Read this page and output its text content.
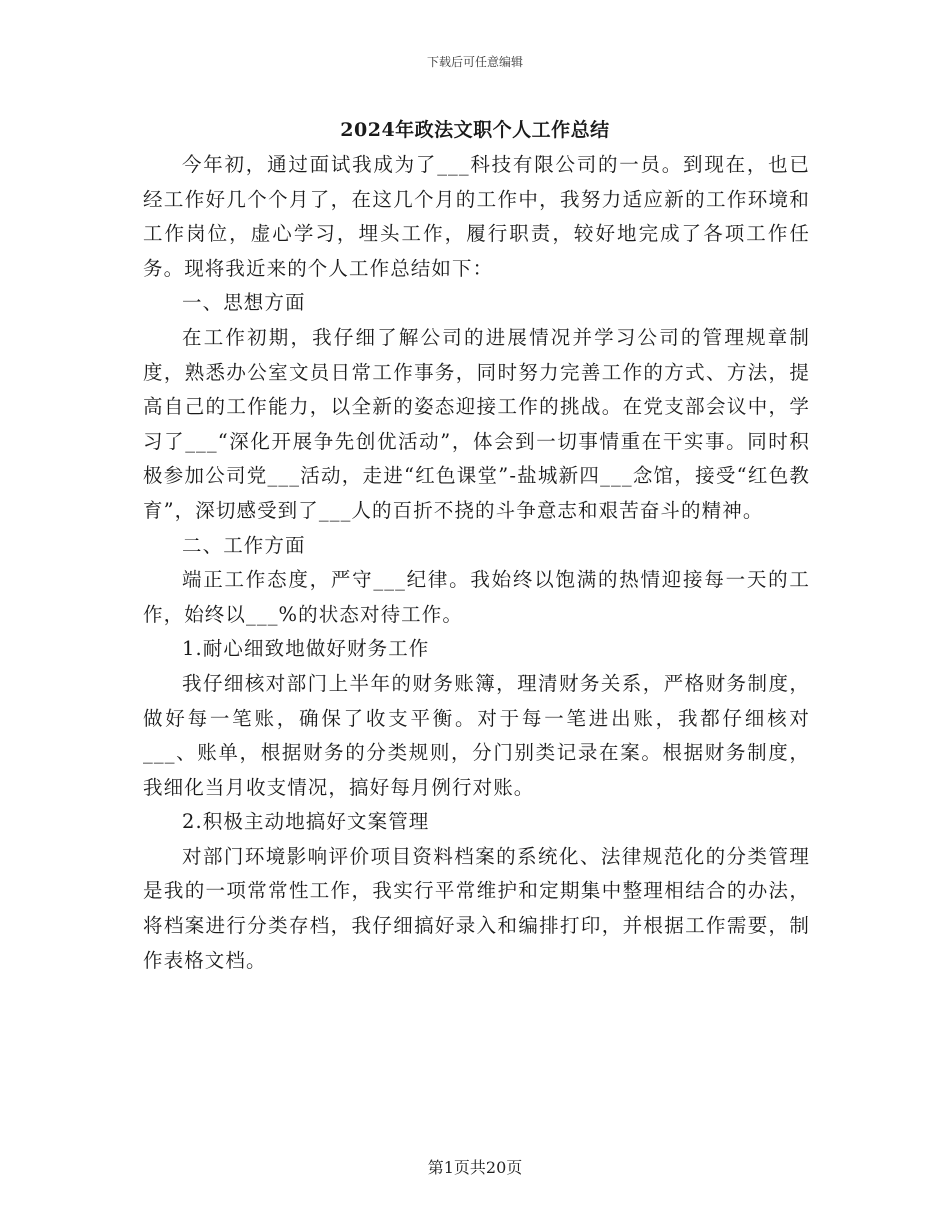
下载后可任意编辑
2024年政法文职个人工作总结

今年初，通过面试我成为了___科技有限公司的一员。到现在，也已经工作好几个个月了，在这几个月的工作中，我努力适应新的工作环境和工作岗位，虚心学习，埋头工作，履行职责，较好地完成了各项工作任务。现将我近来的个人工作总结如下：

一、思想方面

在工作初期，我仔细了解公司的进展情况并学习公司的管理规章制度，熟悉办公室文员日常工作事务，同时努力完善工作的方式、方法，提高自己的工作能力，以全新的姿态迎接工作的挑战。在党支部会议中，学习了___“深化开展争先创优活动”，体会到一切事情重在干实事。同时积极参加公司党___活动，走进“红色课堂”-盐城新四___念馆，接受“红色教育”，深切感受到了___人的百折不挠的斗争意志和艰苦奋斗的精神。

二、工作方面

端正工作态度，严守___纪律。我始终以饱满的热情迎接每一天的工作，始终以___%的状态对待工作。

1.耐心细致地做好财务工作

我仔细核对部门上半年的财务账簿，理清财务关系，严格财务制度，做好每一笔账，确保了收支平衡。对于每一笔进出账，我都仔细核对___、账单，根据财务的分类规则，分门别类记录在案。根据财务制度，我细化当月收支情况，搞好每月例行对账。

2.积极主动地搞好文案管理

对部门环境影响评价项目资料档案的系统化、法律规范化的分类管理是我的一项常常性工作，我实行平常维护和定期集中整理相结合的办法，将档案进行分类存档，我仔细搞好录入和编排打印，并根据工作需要，制作表格文档。

第1页共20页
